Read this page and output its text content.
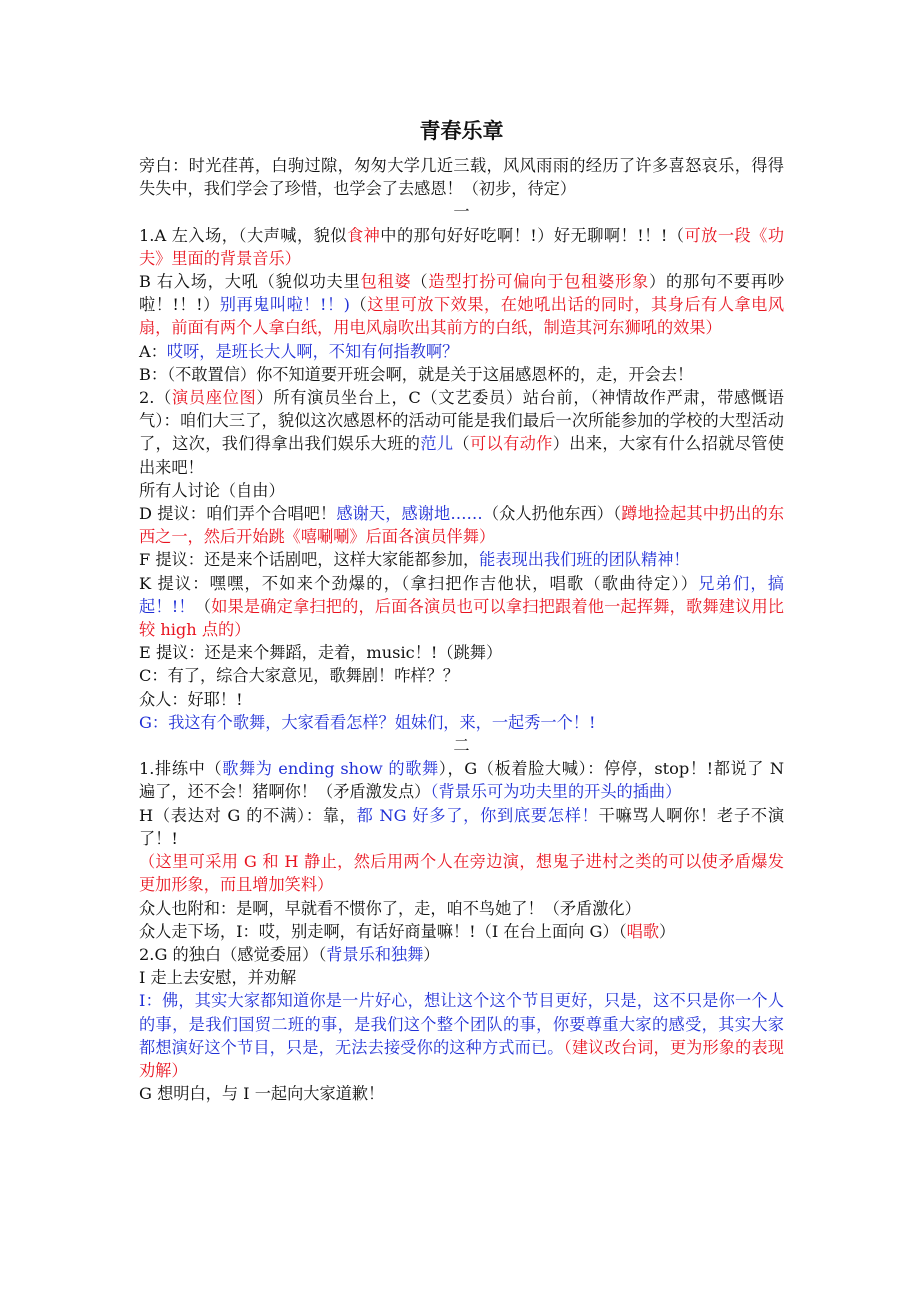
青春乐章
旁白：时光荏苒，白驹过隙，匆匆大学几近三载，风风雨雨的经历了许多喜怒哀乐，得得失失中，我们学会了珍惜，也学会了去感恩！（初步，待定）
一
1.A 左入场，（大声喊，貌似食神中的那句好好吃啊！!）好无聊啊！!！!（可放一段《功夫》里面的背景音乐）
B 右入场，大吼（貌似功夫里包租婆（造型打扮可偏向于包租婆形象）的那句不要再吵啦！!！!）别再鬼叫啦！!！)（这里可放下效果，在她吼出话的同时，其身后有人拿电风扇，前面有两个人拿白纸，用电风扇吹出其前方的白纸，制造其河东狮吼的效果）
A：哎呀，是班长大人啊，不知有何指教啊？
B：（不敢置信）你不知道要开班会啊，就是关于这届感恩杯的，走，开会去！
2.（演员座位图）所有演员坐台上，C（文艺委员）站台前，（神情故作严肃，带感慨语气）：咱们大三了，貌似这次感恩杯的活动可能是我们最后一次所能参加的学校的大型活动了，这次，我们得拿出我们娱乐大班的范儿（可以有动作）出来，大家有什么招就尽管使出来吧！
所有人讨论（自由）
D 提议：咱们弄个合唱吧！感谢天，感谢地……（众人扔他东西）（蹲地捡起其中扔出的东西之一，然后开始跳《嘻唰唰》后面各演员伴舞）
F 提议：还是来个话剧吧，这样大家能都参加，能表现出我们班的团队精神！
K 提议：嘿嘿，不如来个劲爆的，（拿扫把作吉他状，唱歌（歌曲待定））兄弟们，搞起！!！（如果是确定拿扫把的，后面各演员也可以拿扫把跟着他一起挥舞，歌舞建议用比较 high 点的）
E 提议：还是来个舞蹈，走着，music！!（跳舞）
C：有了，综合大家意见，歌舞剧！咋样？？
众人：好耶！!
G：我这有个歌舞，大家看看怎样？姐妹们，来，一起秀一个！!
二
1.排练中（歌舞为 ending show 的歌舞），G（板着脸大喊）：停停，stop！!都说了 N 遍了，还不会！猪啊你！（矛盾激发点）（背景乐可为功夫里的开头的插曲）
H（表达对 G 的不满）：靠，都 NG 好多了，你到底要怎样！干嘛骂人啊你！老子不演了！!
（这里可采用 G 和 H 静止，然后用两个人在旁边演，想鬼子进村之类的可以使矛盾爆发更加形象，而且增加笑料）
众人也附和：是啊，早就看不惯你了，走，咱不鸟她了！（矛盾激化）
众人走下场，I：哎，别走啊，有话好商量嘛！!（I 在台上面向 G）（唱歌）
2.G 的独白（感觉委屈）（背景乐和独舞）
I 走上去安慰，并劝解
I：佛，其实大家都知道你是一片好心，想让这个这个节目更好，只是，这不只是你一个人的事，是我们国贸二班的事，是我们这个整个团队的事，你要尊重大家的感受，其实大家都想演好这个节目，只是，无法去接受你的这种方式而已。（建议改台词，更为形象的表现劝解）
G 想明白，与 I 一起向大家道歉！
